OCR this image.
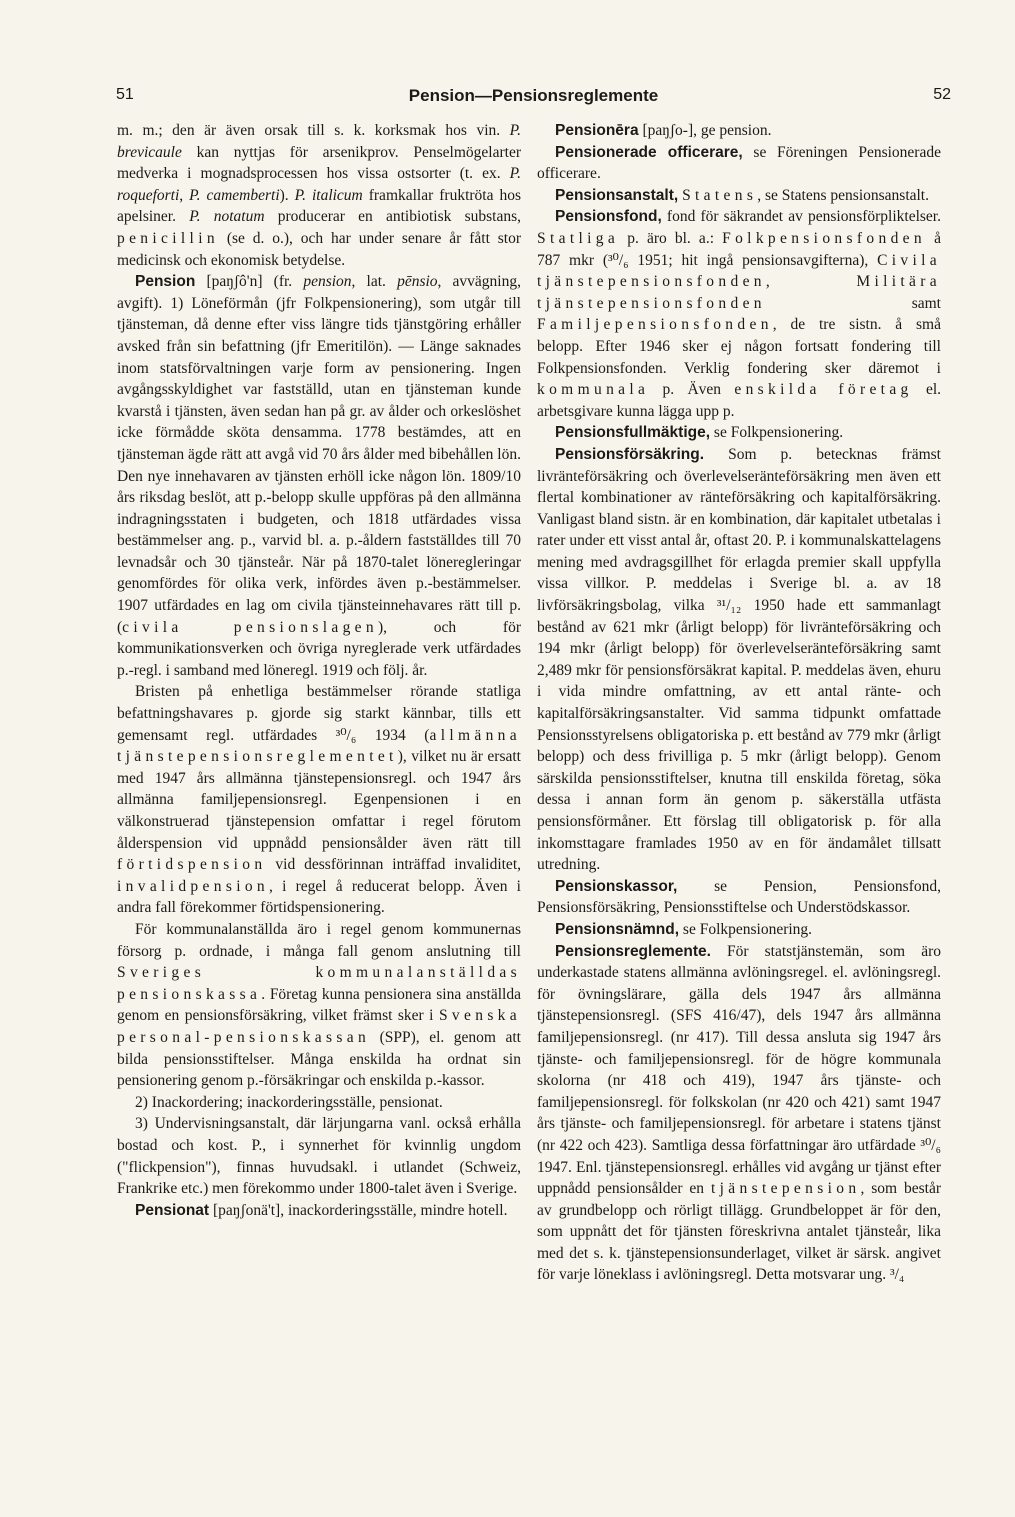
51	Pension—Pensionsreglemente	52

m. m.; den är även orsak till s. k. korksmak hos vin. P. brevicaule kan nyttjas för arsenikprov. Penselmögelarter medverka i mognadsprocessen hos vissa ostsorter (t. ex. P. roqueforti, P. camemberti). P. italicum framkallar fruktröta hos apelsiner. P. notatum producerar en antibiotisk substans, penicillin (se d. o.), och har under senare år fått stor medicinsk och ekonomisk betydelse.

Pension [paŋʃô'n] (fr. pension, lat. pēnsio, avvägning, avgift). 1) Löneförmån (jfr Folkpensionering), som utgår till tjänsteman, då denne efter viss längre tids tjänstgöring erhåller avsked från sin befattning (jfr Emeritilön). — Länge saknades inom statsförvaltningen varje form av pensionering. Ingen avgångsskyldighet var fastställd, utan en tjänsteman kunde kvarstå i tjänsten, även sedan han på gr. av ålder och orkeslöshet icke förmådde sköta densamma. 1778 bestämdes, att en tjänsteman ägde rätt att avgå vid 70 års ålder med bibehållen lön. Den nye innehavaren av tjänsten erhöll icke någon lön. 1809/10 års riksdag beslöt, att p.-belopp skulle uppföras på den allmänna indragningsstaten i budgeten, och 1818 utfärdades vissa bestämmelser ang. p., varvid bl. a. p.-åldern fastställdes till 70 levnadsår och 30 tjänsteår. När på 1870-talet löneregleringar genomfördes för olika verk, infördes även p.-bestämmelser. 1907 utfärdades en lag om civila tjänsteinnehavares rätt till p. (civila pensionslagen), och för kommunikationsverken och övriga nyreglerade verk utfärdades p.-regl. i samband med löneregl. 1919 och följ. år.

Bristen på enhetliga bestämmelser rörande statliga befattningshavares p. gjorde sig starkt kännbar, tills ett gemensamt regl. utfärdades ³⁰/₆ 1934 (allmänna tjänstepensionsreglementet), vilket nu är ersatt med 1947 års allmänna tjänstepensionsregl. och 1947 års allmänna familjepensionsregl. Egenpensionen i en välkonstruerad tjänstepension omfattar i regel förutom ålderspension vid uppnådd pensionsålder även rätt till förtidspension vid dessförinnan inträffad invaliditet, invalidpension, i regel å reducerat belopp. Även i andra fall förekommer förtidspensionering.

För kommunalanställda äro i regel genom kommunernas försorg p. ordnade, i många fall genom anslutning till Sveriges kommunalanställdas pensionskassa. Företag kunna pensionera sina anställda genom en pensionsförsäkring, vilket främst sker i Svenska personal-pensionskassan (SPP), el. genom att bilda pensionsstiftelser. Många enskilda ha ordnat sin pensionering genom p.-försäkringar och enskilda p.-kassor.

2) Inackordering; inackorderingsställe, pensionat.

3) Undervisningsanstalt, där lärjungarna vanl. också erhålla bostad och kost. P., i synnerhet för kvinnlig ungdom ("flickpension"), finnas huvudsakl. i utlandet (Schweiz, Frankrike etc.) men förekommo under 1800-talet även i Sverige.

Pensionat [paŋʃonä't], inackorderingsställe, mindre hotell.

Pensionēra [paŋʃo-], ge pension.

Pensionerade officerare, se Föreningen Pensionerade officerare.

Pensionsanstalt, Statens, se Statens pensionsanstalt.

Pensionsfond, fond för säkrandet av pensionsförpliktelser. Statliga p. äro bl. a.: Folkpensionsfonden å 787 mkr (³⁰/₆ 1951; hit ingå pensionsavgifterna), Civila tjänstepensionsfonden, Militära tjänstepensionsfonden samt Familjepensionsfonden, de tre sistn. å små belopp. Efter 1946 sker ej någon fortsatt fondering till Folkpensionsfonden. Verklig fondering sker däremot i kommunala p. Även enskilda företag el. arbetsgivare kunna lägga upp p.

Pensionsfullmäktige, se Folkpensionering.

Pensionsförsäkring. Som p. betecknas främst livränteförsäkring och överlevelseränteförsäkring men även ett flertal kombinationer av ränteförsäkring och kapitalförsäkring. Vanligast bland sistn. är en kombination, där kapitalet utbetalas i rater under ett visst antal år, oftast 20. P. i kommunalskattelagens mening med avdragsgillhet för erlagda premier skall uppfylla vissa villkor. P. meddelas i Sverige bl. a. av 18 livförsäkringsbolag, vilka ³¹/₁₂ 1950 hade ett sammanlagt bestånd av 621 mkr (årligt belopp) för livränteförsäkring och 194 mkr (årligt belopp) för överlevelseränteförsäkring samt 2,489 mkr för pensionsförsäkrat kapital. P. meddelas även, ehuru i vida mindre omfattning, av ett antal ränte- och kapitalförsäkringsanstalter. Vid samma tidpunkt omfattade Pensionsstyrelsens obligatoriska p. ett bestånd av 779 mkr (årligt belopp) och dess frivilliga p. 5 mkr (årligt belopp). Genom särskilda pensionsstiftelser, knutna till enskilda företag, söka dessa i annan form än genom p. säkerställa utfästa pensionsförmåner. Ett förslag till obligatorisk p. för alla inkomsttagare framlades 1950 av en för ändamålet tillsatt utredning.

Pensionskassor, se Pension, Pensionsfond, Pensionsförsäkring, Pensionsstiftelse och Understödskassor.

Pensionsnämnd, se Folkpensionering.

Pensionsreglemente. För statstjänstemän, som äro underkastade statens allmänna avlöningsregel. el. avlöningsregl. för övningslärare, gälla dels 1947 års allmänna tjänstepensionsregl. (SFS 416/47), dels 1947 års allmänna familjepensionsregl. (nr 417). Till dessa ansluta sig 1947 års tjänste- och familjepensionsregl. för de högre kommunala skolorna (nr 418 och 419), 1947 års tjänste- och familjepensionsregl. för folkskolan (nr 420 och 421) samt 1947 års tjänste- och familjepensionsregl. för arbetare i statens tjänst (nr 422 och 423). Samtliga dessa författningar äro utfärdade ³⁰/₆ 1947. Enl. tjänstepensionsregl. erhålles vid avgång ur tjänst efter uppnådd pensionsålder en tjänstepension, som består av grundbelopp och rörligt tillägg. Grundbeloppet är för den, som uppnått det för tjänsten föreskrivna antalet tjänsteår, lika med det s. k. tjänstepensionsunderlaget, vilket är särsk. angivet för varje löneklass i avlöningsregl. Detta motsvarar ung. ³/₄
